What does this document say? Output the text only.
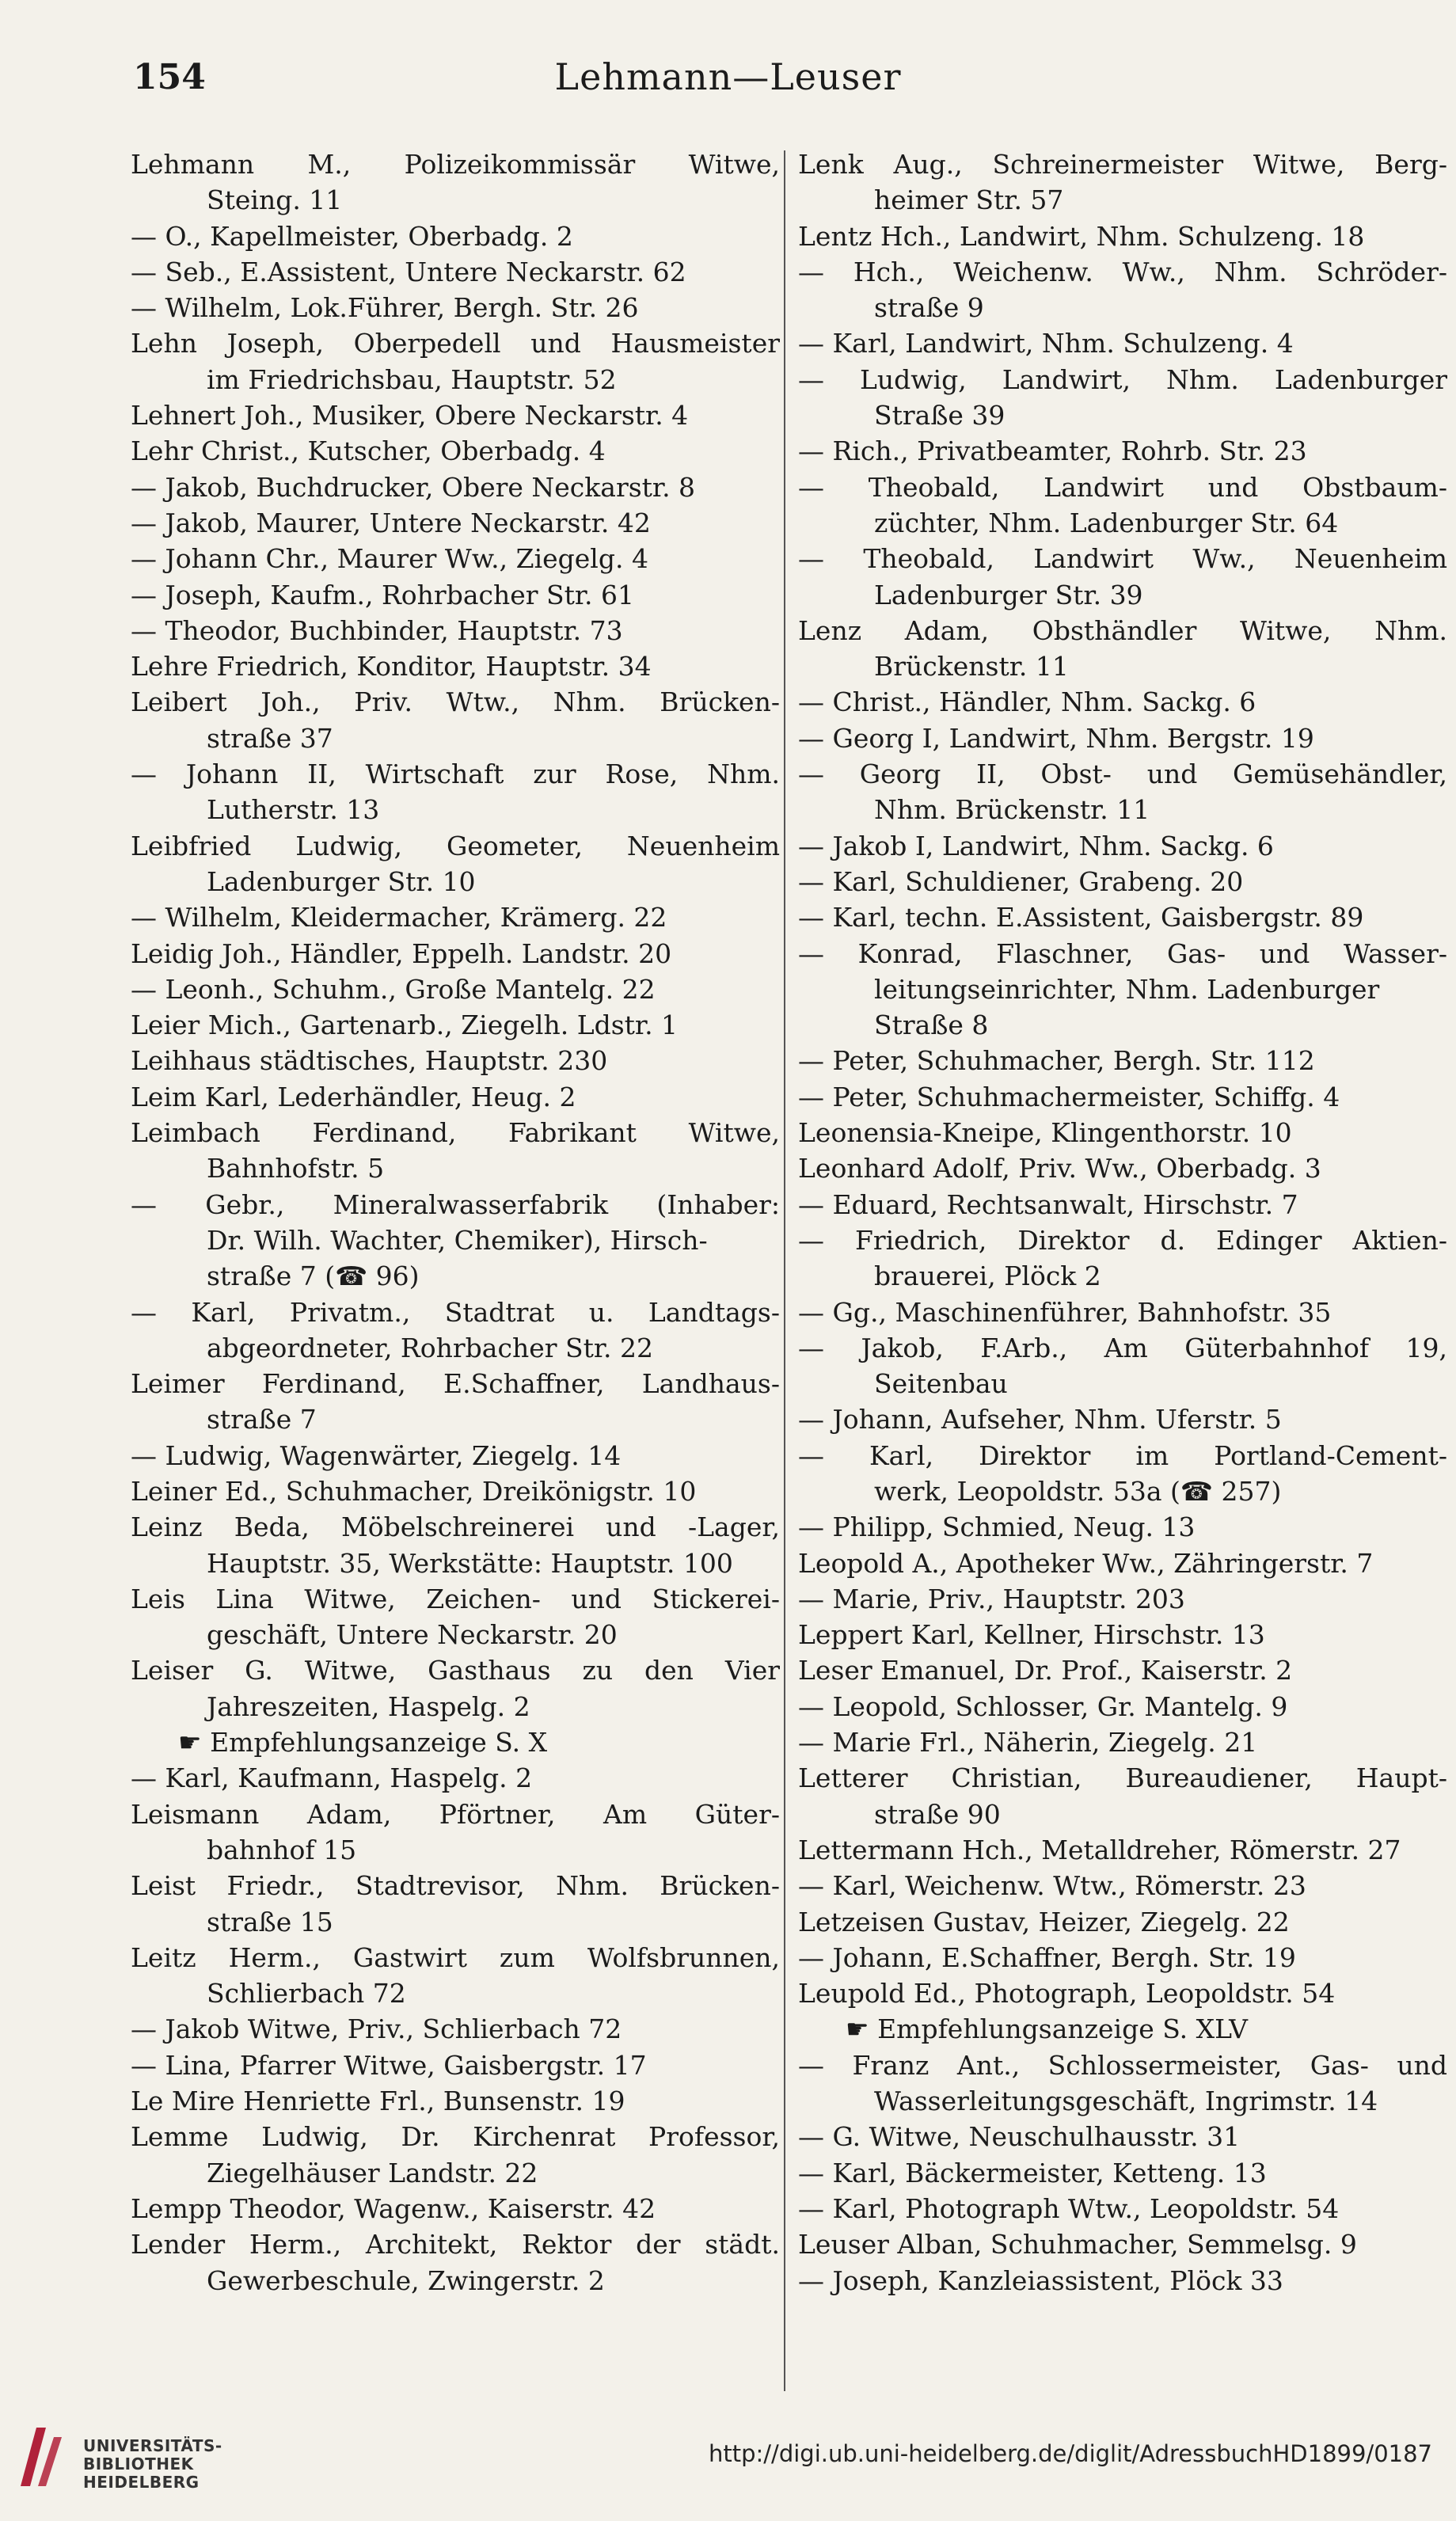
154	Lehmann—Leuser
Lehmann M., Polizeikommissär Witwe,
Steing. 11
— O., Kapellmeister, Oberbadg. 2
— Seb., E.Assistent, Untere Neckarstr. 62
— Wilhelm, Lok.Führer, Bergh. Str. 26
Lehn Joseph, Oberpedell und Hausmeister
im Friedrichsbau, Hauptstr. 52
Lehnert Joh., Musiker, Obere Neckarstr. 4
Lehr Christ., Kutscher, Oberbadg. 4
— Jakob, Buchdrucker, Obere Neckarstr. 8
— Jakob, Maurer, Untere Neckarstr. 42
— Johann Chr., Maurer Ww., Ziegelg. 4
— Joseph, Kaufm., Rohrbacher Str. 61
— Theodor, Buchbinder, Hauptstr. 73
Lehre Friedrich, Konditor, Hauptstr. 34
Leibert Joh., Priv. Wtw., Nhm. Brücken-
straße 37
— Johann II, Wirtschaft zur Rose, Nhm.
Lutherstr. 13
Leibfried Ludwig, Geometer, Neuenheim
Ladenburger Str. 10
— Wilhelm, Kleidermacher, Krämerg. 22
Leidig Joh., Händler, Eppelh. Landstr. 20
— Leonh., Schuhm., Große Mantelg. 22
Leier Mich., Gartenarb., Ziegelh. Ldstr. 1
Leihhaus städtisches, Hauptstr. 230
Leim Karl, Lederhändler, Heug. 2
Leimbach Ferdinand, Fabrikant Witwe,
Bahnhofstr. 5
— Gebr., Mineralwasserfabrik (Inhaber:
Dr. Wilh. Wachter, Chemiker), Hirsch-
straße 7 (☎ 96)
— Karl, Privatm., Stadtrat u. Landtags-
abgeordneter, Rohrbacher Str. 22
Leimer Ferdinand, E.Schaffner, Landhaus-
straße 7
— Ludwig, Wagenwärter, Ziegelg. 14
Leiner Ed., Schuhmacher, Dreikönigstr. 10
Leinz Beda, Möbelschreinerei und -Lager,
Hauptstr. 35, Werkstätte: Hauptstr. 100
Leis Lina Witwe, Zeichen- und Stickerei-
geschäft, Untere Neckarstr. 20
Leiser G. Witwe, Gasthaus zu den Vier
Jahreszeiten, Haspelg. 2
☛ Empfehlungsanzeige S. X
— Karl, Kaufmann, Haspelg. 2
Leismann Adam, Pförtner, Am Güter-
bahnhof 15
Leist Friedr., Stadtrevisor, Nhm. Brücken-
straße 15
Leitz Herm., Gastwirt zum Wolfsbrunnen,
Schlierbach 72
— Jakob Witwe, Priv., Schlierbach 72
— Lina, Pfarrer Witwe, Gaisbergstr. 17
Le Mire Henriette Frl., Bunsenstr. 19
Lemme Ludwig, Dr. Kirchenrat Professor,
Ziegelhäuser Landstr. 22
Lempp Theodor, Wagenw., Kaiserstr. 42
Lender Herm., Architekt, Rektor der städt.
Gewerbeschule, Zwingerstr. 2
Lenk Aug., Schreinermeister Witwe, Berg-
heimer Str. 57
Lentz Hch., Landwirt, Nhm. Schulzeng. 18
— Hch., Weichenw. Ww., Nhm. Schröder-
straße 9
— Karl, Landwirt, Nhm. Schulzeng. 4
— Ludwig, Landwirt, Nhm. Ladenburger
Straße 39
— Rich., Privatbeamter, Rohrb. Str. 23
— Theobald, Landwirt und Obstbaum-
züchter, Nhm. Ladenburger Str. 64
— Theobald, Landwirt Ww., Neuenheim
Ladenburger Str. 39
Lenz Adam, Obsthändler Witwe, Nhm.
Brückenstr. 11
— Christ., Händler, Nhm. Sackg. 6
— Georg I, Landwirt, Nhm. Bergstr. 19
— Georg II, Obst- und Gemüsehändler,
Nhm. Brückenstr. 11
— Jakob I, Landwirt, Nhm. Sackg. 6
— Karl, Schuldiener, Grabeng. 20
— Karl, techn. E.Assistent, Gaisbergstr. 89
— Konrad, Flaschner, Gas- und Wasser-
leitungseinrichter, Nhm. Ladenburger
Straße 8
— Peter, Schuhmacher, Bergh. Str. 112
— Peter, Schuhmachermeister, Schiffg. 4
Leonensia-Kneipe, Klingenthorstr. 10
Leonhard Adolf, Priv. Ww., Oberbadg. 3
— Eduard, Rechtsanwalt, Hirschstr. 7
— Friedrich, Direktor d. Edinger Aktien-
brauerei, Plöck 2
— Gg., Maschinenführer, Bahnhofstr. 35
— Jakob, F.Arb., Am Güterbahnhof 19,
Seitenbau
— Johann, Aufseher, Nhm. Uferstr. 5
— Karl, Direktor im Portland-Cement-
werk, Leopoldstr. 53a (☎ 257)
— Philipp, Schmied, Neug. 13
Leopold A., Apotheker Ww., Zähringerstr. 7
— Marie, Priv., Hauptstr. 203
Leppert Karl, Kellner, Hirschstr. 13
Leser Emanuel, Dr. Prof., Kaiserstr. 2
— Leopold, Schlosser, Gr. Mantelg. 9
— Marie Frl., Näherin, Ziegelg. 21
Letterer Christian, Bureaudiener, Haupt-
straße 90
Lettermann Hch., Metalldreher, Römerstr. 27
— Karl, Weichenw. Wtw., Römerstr. 23
Letzeisen Gustav, Heizer, Ziegelg. 22
— Johann, E.Schaffner, Bergh. Str. 19
Leupold Ed., Photograph, Leopoldstr. 54
☛ Empfehlungsanzeige S. XLV
— Franz Ant., Schlossermeister, Gas- und
Wasserleitungsgeschäft, Ingrimstr. 14
— G. Witwe, Neuschulhausstr. 31
— Karl, Bäckermeister, Ketteng. 13
— Karl, Photograph Wtw., Leopoldstr. 54
Leuser Alban, Schuhmacher, Semmelsg. 9
— Joseph, Kanzleiassistent, Plöck 33
UNIVERSITÄTS-
BIBLIOTHEK
HEIDELBERG
http://digi.ub.uni-heidelberg.de/diglit/AdressbuchHD1899/0187
